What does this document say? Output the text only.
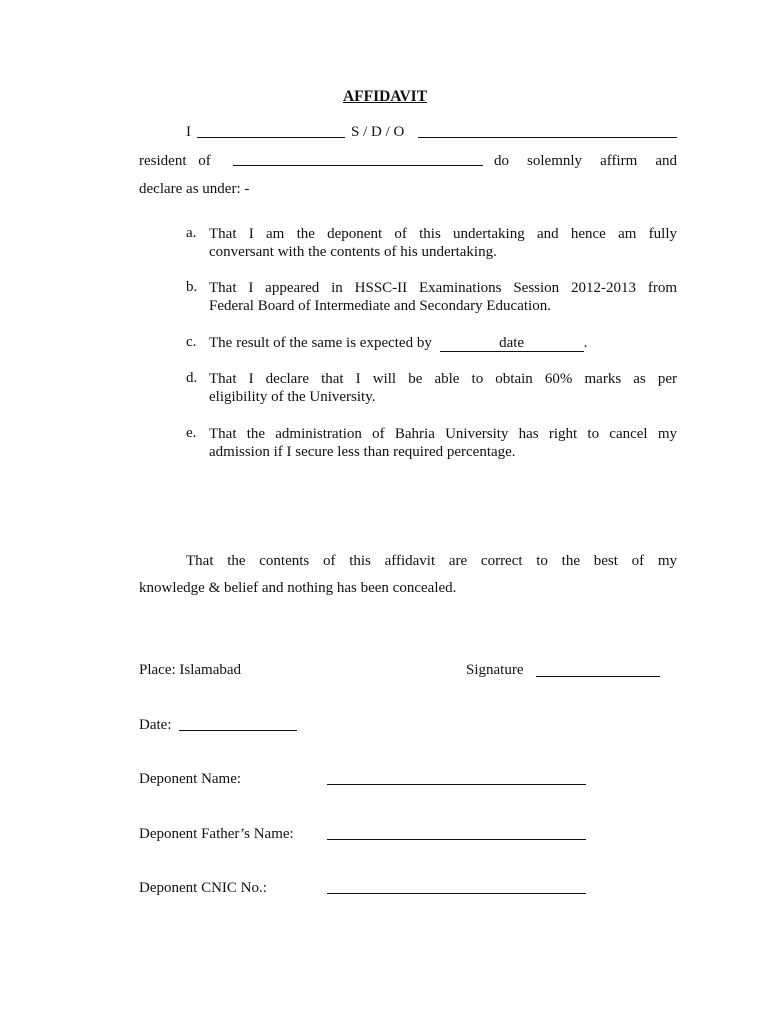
AFFIDAVIT
I	S / D / O
resident of	do solemnly affirm and
declare as under: -
a. That I am the deponent of this undertaking and hence am fully
conversant with the contents of his undertaking.
b. That I appeared in HSSC-II Examinations Session 2012-2013 from
Federal Board of Intermediate and Secondary Education.
c. The result of the same is expected by	date	.
d. That I declare that I will be able to obtain 60% marks as per
eligibility of the University.
e. That the administration of Bahria University has right to cancel my
admission if I secure less than required percentage.
That the contents of this affidavit are correct to the best of my
knowledge & belief and nothing has been concealed.
Place: Islamabad	Signature
Date:
Deponent Name:
Deponent Father’s Name:
Deponent CNIC No.:
